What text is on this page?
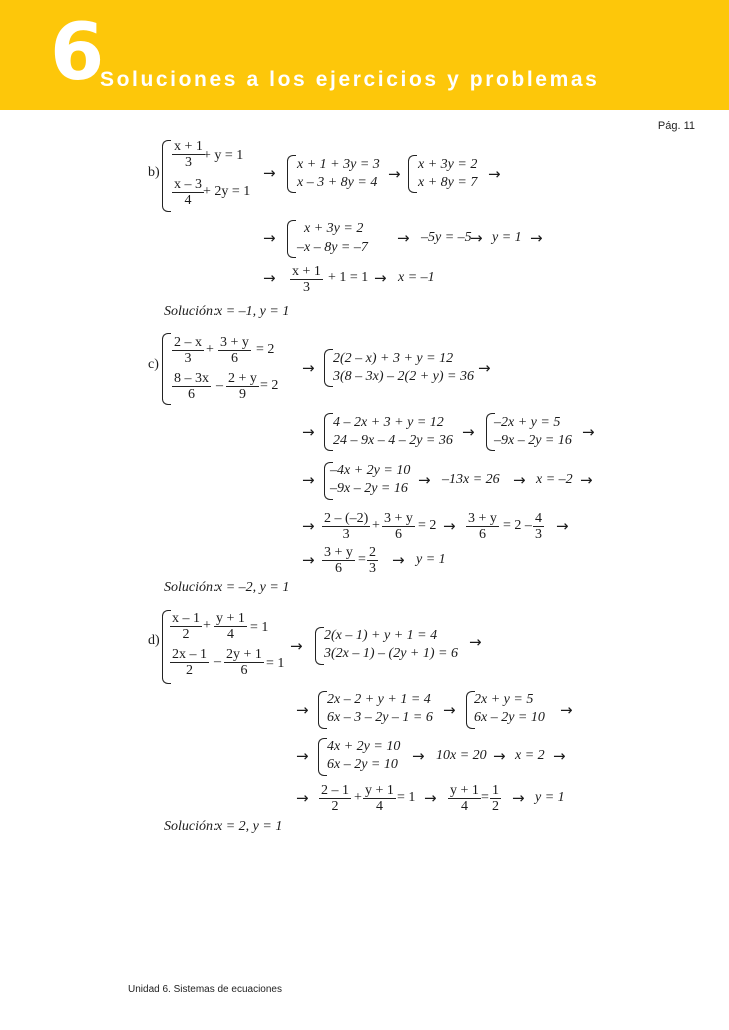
6
Soluciones a los ejercicios y problemas
Pág. 11
b)
$\frac{x + 1}{3}$
+ y = 1
$\frac{x - 3}{4} + 2y = 1$
→ x + 1 + 3y = 3
x – 3 + 8y = 4 →
x + 3y = 2
x + 8y = 7 →
→
x + 3y = 2
–x – 8y = –7
→ –5y = –5
→ y = 1 →
→ $\frac{x + 1}{3} + 1 = 1 \to x = -1$
Solución:
x = –1, y = 1
$c) \frac{2 - x}{3} + \frac{3 + y}{6} = 2$
$\frac{8 - 3x}{6} - \frac{2 + y}{9} = 2$
→
2(2 – x) + 3 + y = 12
3(8 – 3x) – 2(2 + y) = 36 →
→
4 – 2x + 3 + y = 12
24 – 9x – 4 – 2y = 36 →
–2x + y = 5
–9x – 2y = 16 →
→
–4x + 2y = 10
–9x – 2y = 16 → –13x = 26 → x = –2 →
→ $\frac{2 - (-2)}{3} + \frac{3 + y}{6} = 2 \to \frac{3 + y}{6} = 2 - \frac{4}{3}$ →
→ $\frac{3 + y}{6} = \frac{2}{3} \to y = 1$
Solución:
x = –2, y = 1
$d) \frac{x - 1}{2} + \frac{y + 1}{4} = 1$
$\frac{2x - 1}{2} - \frac{2y + 1}{6} = 1$
→
2(x – 1) + y + 1 = 4
3(2x – 1) – (2y + 1) = 6
→
→
2x – 2 + y + 1 = 4
6x – 3 – 2y – 1 = 6 →
2x + y = 5
6x – 2y = 10 →
→
4x + 2y = 10
6x – 2y = 10 → 10x = 20 → x = 2 →
→ $\frac{2 - 1}{2} + \frac{y + 1}{4} = 1 \to \frac{y + 1}{4} = \frac{1}{2} \to y = 1$
Solución:
x = 2, y = 1
Unidad 6. Sistemas de ecuaciones
